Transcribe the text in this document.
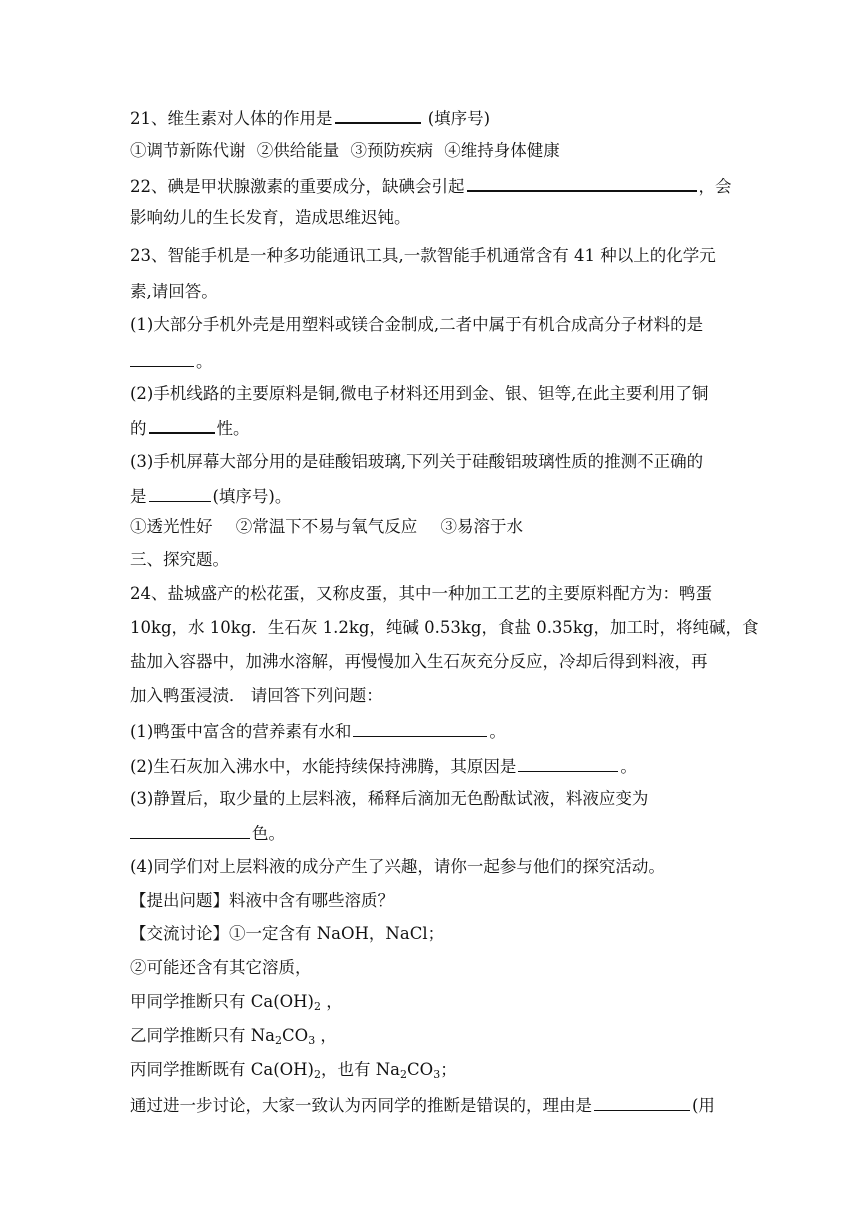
21、维生素对人体的作用是	(填序号)
①调节新陈代谢 ②供给能量 ③预防疾病 ④维持身体健康
22、碘是甲状腺激素的重要成分，缺碘会引起	，会
影响幼儿的生长发育，造成思维迟钝。
23、智能手机是一种多功能通讯工具,一款智能手机通常含有 41 种以上的化学元
素,请回答。
(1)大部分手机外壳是用塑料或镁合金制成,二者中属于有机合成高分子材料的是
。
(2)手机线路的主要原料是铜,微电子材料还用到金、银、钽等,在此主要利用了铜
的	性。
(3)手机屏幕大部分用的是硅酸铝玻璃,下列关于硅酸铝玻璃性质的推测不正确的
是	(填序号)。
①透光性好 ②常温下不易与氧气反应 ③易溶于水
三、探究题。
24、盐城盛产的松花蛋，又称皮蛋，其中一种加工工艺的主要原料配方为：鸭蛋
10kg，水 10kg．生石灰 1.2kg，纯碱 0.53kg，食盐 0.35kg，加工时，将纯碱，食
盐加入容器中，加沸水溶解，再慢慢加入生石灰充分反应，冷却后得到料液，再
加入鸭蛋浸渍． 请回答下列问题：
(1)鸭蛋中富含的营养素有水和	。
(2)生石灰加入沸水中，水能持续保持沸腾，其原因是	。
(3)静置后，取少量的上层料液，稀释后滴加无色酚酞试液，料液应变为
色。
(4)同学们对上层料液的成分产生了兴趣，请你一起参与他们的探究活动。
【提出问题】料液中含有哪些溶质？
【交流讨论】①一定含有 NaOH，NaCl；
②可能还含有其它溶质，
甲同学推断只有 $Ca(OH)_2$ ，
乙同学推断只有 $Na_2CO_3$ ，
丙同学推断既有 $Ca(OH)_2$，也有 $Na_2CO_3$；
通过进一步讨论，大家一致认为丙同学的推断是错误的，理由是	(用
